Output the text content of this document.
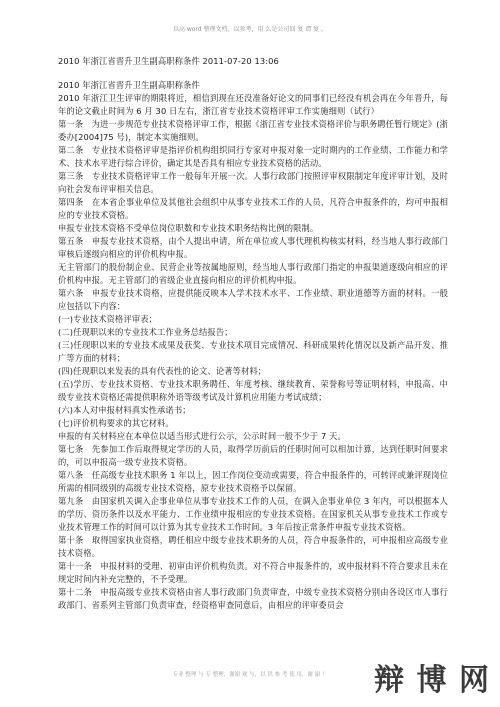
以高 word 整理文档，以参考，用 么是公司回 复 谓 复 。

2010 年浙江省晋升卫生副高职称条件 2011-07-20 13:06

2010 年浙江省晋升卫生副高职称条件

2010 年浙江卫生评审的期限将近，相信到现在还没准备好论文的同事们已经没有机会再在今年晋升，每年的论文截止时间为 6 月 30 日左右，浙江省专业技术资格评审工作实施细则（试行）

第一条　为进一步规范专业技术资格评审工作，根据《浙江省专业技术资格评价与职务聘任暂行规定》(浙委办[2004]75 号)，制定本实施细则。

第二条　专业技术资格评审是指评价机构组织同行专家对申报对象一定时期内的工作业绩、工作能力和学术、技术水平进行综合评价，确定其是否具有相应专业技术资格的活动。

第三条　专业技术资格评审工作一般每年开展一次。人事行政部门按照评审权限制定年度评审计划，及时向社会发布评审相关信息。

第四条　在本省企事业单位及其他社会组织中从事专业技术工作的人员，凡符合申报条件的，均可申报相应的专业技术资格。

申报专业技术资格不受单位岗位职数和专业技术职务结构比例的限制。

第五条　申报专业技术资格，由个人提出申请，所在单位或人事代理机构核实材料，经当地人事行政部门审核后逐级向相应的评价机构申报。

无主管部门的股份制企业、民营企业等按属地原则，经当地人事行政部门指定的申报渠道逐级向相应的评价机构申报。无主管部门的省级企业直接向相应的评价机构申报。

第六条　申报专业技术资格，应提供能反映本人学术技术水平、工作业绩、职业道德等方面的材料。一般应包括以下内容：

(一)专业技术资格评审表；

(二)任现职以来的专业技术工作业务总结报告；

(三)任现职以来的专业技术成果及获奖、专业技术项目完成情况、科研成果转化情况以及新产品开发、推广等方面的材料；

(四)任现职以来发表的具有代表性的论文、论著等材料；

(五)学历、专业技术资格、专业技术职务聘任、年度考核、继续教育、荣誉称号等证明材料，申报高、中级专业技术资格还需提供职称外语等级考试及计算机应用能力考试成绩；

(六)本人对申报材料真实性承诺书；

(七)评价机构要求的其它材料。

申报的有关材料应在本单位以适当形式进行公示，公示时间一般不少于 7 天。

第七条　先参加工作后取得规定学历的人员，取得学历前后的任职时间可以相加计算，达到任职时间要求的，可以申报高一级专业技术资格。

第八条　任高级专业技术职务 1 年以上，因工作岗位变动或需要，符合申报条件的，可转评或兼评现岗位所需的相同级别的高级专业技术资格，原专业技术资格予以保留。

第九条　由国家机关调入企事业单位从事专业技术工作的人员，在调入企事业单位 3 年内，可以根据本人的学历、资历条件以及水平能力、工作业绩申报相应的专业技术资格。在国家机关从事专业技术工作或专业技术管理工作的时间可以计算为其专业技术工作时间。3 年后按正常条件申报专业技术资格。

第十条　取得国家执业资格，聘任相应中级专业技术职务的人员，符合申报条件的，可申报相应高级专业技术资格。

第十一条　申报材料的受理、初审由评价机构负责。对不符合申报条件的，或申报材料不符合要求且未在规定时间内补充完整的，不予受理。

第十二条　申报高级专业技术资格由省人事行政部门负责审查，中级专业技术资格分别由各设区市人事行政部门、省系列主管部门负责审查，经资格审查同意后，由相应的评审委员会

专业 整理 与 专 整理，谢谢 观 与，以 供 参 考 使 用，谢 谢 ！	辩 博 网
